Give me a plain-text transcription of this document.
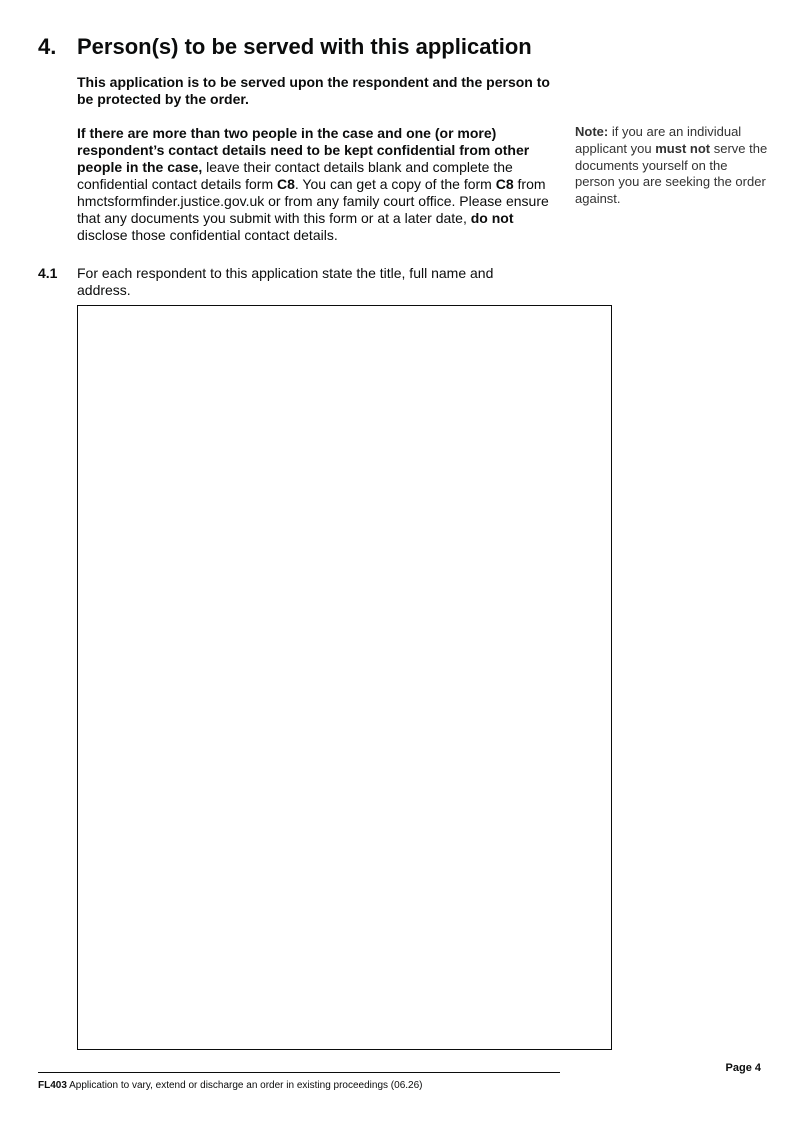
4. Person(s) to be served with this application
This application is to be served upon the respondent and the person to be protected by the order.
If there are more than two people in the case and one (or more) respondent’s contact details need to be kept confidential from other people in the case, leave their contact details blank and complete the confidential contact details form C8. You can get a copy of the form C8 from hmctsformfinder.justice.gov.uk or from any family court office. Please ensure that any documents you submit with this form or at a later date, do not disclose those confidential contact details.
Note: if you are an individual applicant you must not serve the documents yourself on the person you are seeking the order against.
4.1 For each respondent to this application state the title, full name and address.
FL403 Application to vary, extend or discharge an order in existing proceedings (06.26)
Page 4
